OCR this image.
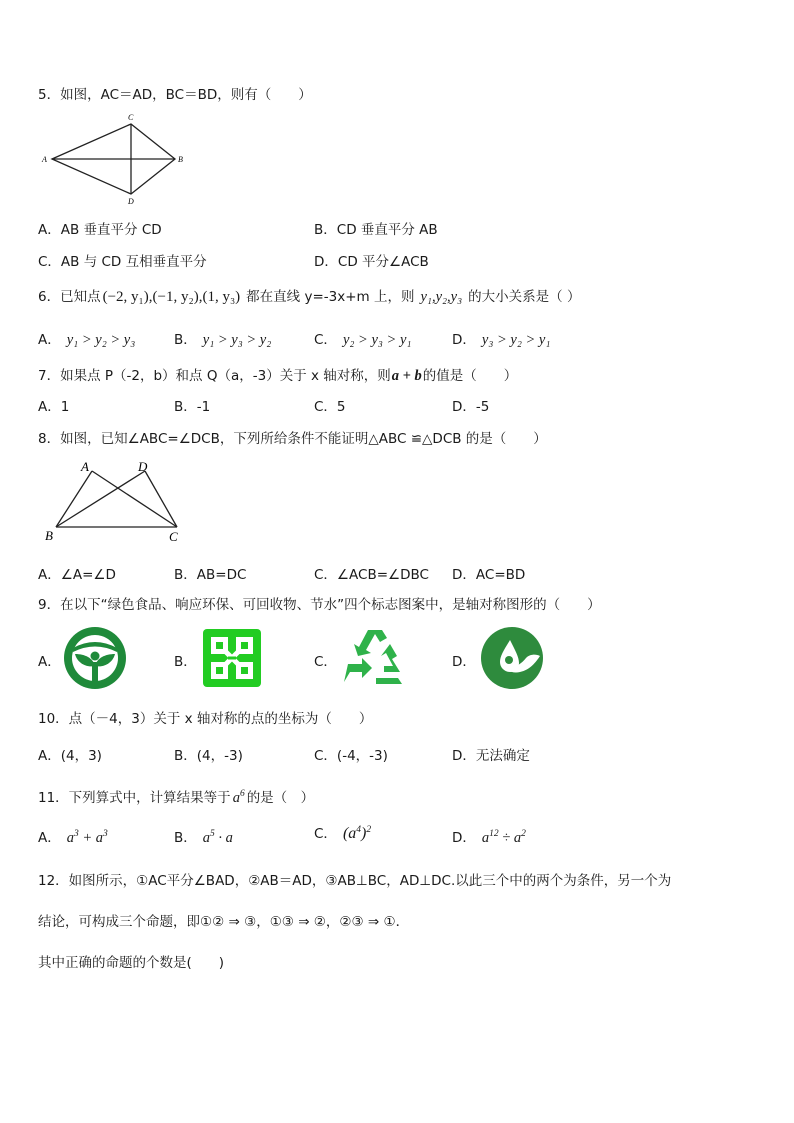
5．如图，AC＝AD，BC＝BD，则有（　　）
A	B
C
D
A．AB 垂直平分 CD	B．CD 垂直平分 AB
C．AB 与 CD 互相垂直平分	D．CD 平分∠ACB
6．已知点 (−2, y₁),(−1, y₂),(1, y₃) 都在直线 y=-3x+m 上，则 y₁,y₂,y₃ 的大小关系是（ ）
A． y₁ > y₂ > y₃	B． y₁ > y₃ > y₂	C． y₂ > y₃ > y₁	D． y₃ > y₂ > y₁
7．如果点 P（-2，b）和点 Q（a，-3）关于 x 轴对称，则 a + b 的值是（　　）
A．1	B．-1	C．5	D．-5
8．如图，已知∠ABC=∠DCB，下列所给条件不能证明△ABC ≌△DCB 的是（　　）
A	D
B	C
A．∠A=∠D	B．AB=DC	C．∠ACB=∠DBC D．AC=BD
9．在以下“绿色食品、响应环保、可回收物、节水”四个标志图案中，是轴对称图形的（　　）
A．	B．	C．	D．
10．点（－4，3）关于 x 轴对称的点的坐标为（　　）
A．(4，3)	B．(4，-3)	C．(-4，-3)	D．无法确定
11．下列算式中，计算结果等于 $a^6$ 的是（　）
A． $a^3 + a^3$	B． $a^5 \cdot a$	C． $(a^4)^2$	D． $a^{12} \div a^2$
12．如图所示，①AC平分∠BAD，②AB＝AD，③AB⊥BC，AD⊥DC.以此三个中的两个为条件，另一个为
结论，可构成三个命题，即①② ⇒ ③，①③ ⇒ ②，②③ ⇒ ①．
其中正确的命题的个数是(　　)
